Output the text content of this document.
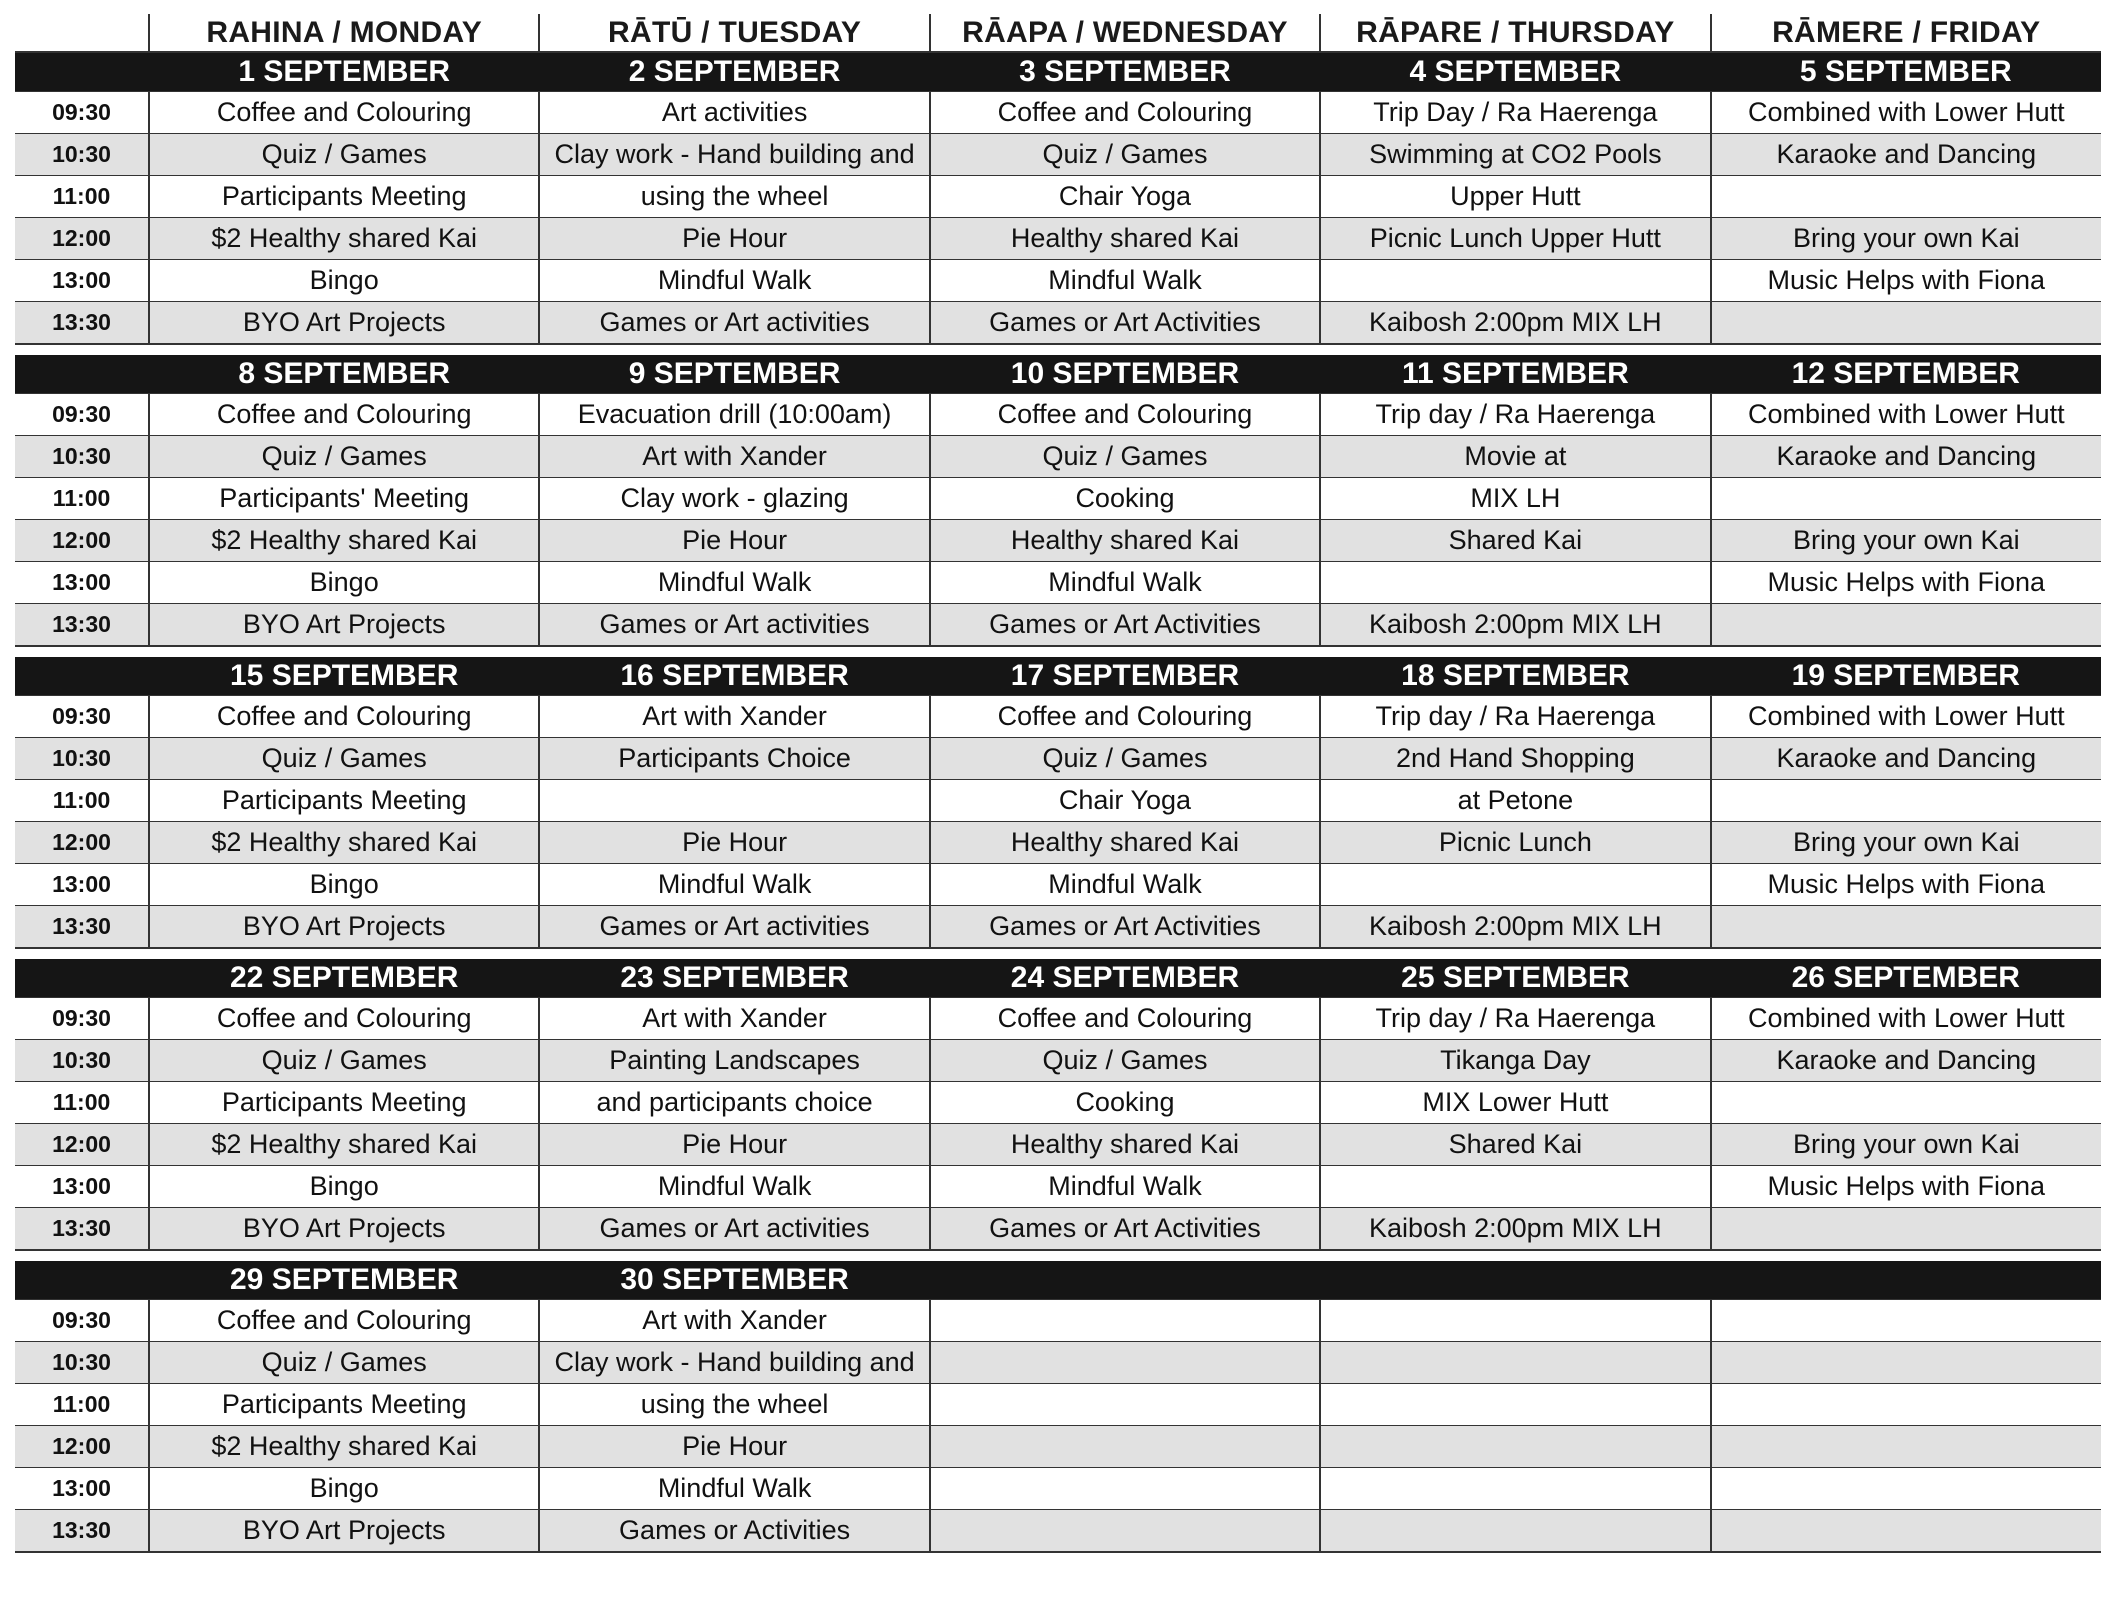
	RAHINA / MONDAY	RĀTŪ / TUESDAY	RĀAPA / WEDNESDAY	RĀPARE / THURSDAY	RĀMERE / FRIDAY
	1 SEPTEMBER	2 SEPTEMBER	3 SEPTEMBER	4 SEPTEMBER	5 SEPTEMBER
09:30	Coffee and Colouring	Art activities	Coffee and Colouring	Trip Day / Ra Haerenga	Combined with Lower Hutt
10:30	Quiz / Games	Clay work - Hand building and	Quiz / Games	Swimming at CO2 Pools	Karaoke and Dancing
11:00	Participants Meeting	using the wheel	Chair Yoga	Upper Hutt	
12:00	$2 Healthy shared Kai	Pie Hour	Healthy shared Kai	Picnic Lunch Upper Hutt	Bring your own Kai
13:00	Bingo	Mindful Walk	Mindful Walk		Music Helps with Fiona
13:30	BYO Art Projects	Games or Art activities	Games or Art Activities	Kaibosh 2:00pm MIX LH	

	8 SEPTEMBER	9 SEPTEMBER	10 SEPTEMBER	11 SEPTEMBER	12 SEPTEMBER
09:30	Coffee and Colouring	Evacuation drill (10:00am)	Coffee and Colouring	Trip day / Ra Haerenga	Combined with Lower Hutt
10:30	Quiz / Games	Art with Xander	Quiz / Games	Movie at	Karaoke and Dancing
11:00	Participants' Meeting	Clay work - glazing	Cooking	MIX LH	
12:00	$2 Healthy shared Kai	Pie Hour	Healthy shared Kai	Shared Kai	Bring your own Kai
13:00	Bingo	Mindful Walk	Mindful Walk		Music Helps with Fiona
13:30	BYO Art Projects	Games or Art activities	Games or Art Activities	Kaibosh 2:00pm MIX LH	

	15 SEPTEMBER	16 SEPTEMBER	17 SEPTEMBER	18 SEPTEMBER	19 SEPTEMBER
09:30	Coffee and Colouring	Art with Xander	Coffee and Colouring	Trip day / Ra Haerenga	Combined with Lower Hutt
10:30	Quiz / Games	Participants Choice	Quiz / Games	2nd Hand Shopping	Karaoke and Dancing
11:00	Participants Meeting		Chair Yoga	at Petone	
12:00	$2 Healthy shared Kai	Pie Hour	Healthy shared Kai	Picnic Lunch	Bring your own Kai
13:00	Bingo	Mindful Walk	Mindful Walk		Music Helps with Fiona
13:30	BYO Art Projects	Games or Art activities	Games or Art Activities	Kaibosh 2:00pm MIX LH	

	22 SEPTEMBER	23 SEPTEMBER	24 SEPTEMBER	25 SEPTEMBER	26 SEPTEMBER
09:30	Coffee and Colouring	Art with Xander	Coffee and Colouring	Trip day / Ra Haerenga	Combined with Lower Hutt
10:30	Quiz / Games	Painting Landscapes	Quiz / Games	Tikanga Day	Karaoke and Dancing
11:00	Participants Meeting	and participants choice	Cooking	MIX Lower Hutt	
12:00	$2 Healthy shared Kai	Pie Hour	Healthy shared Kai	Shared Kai	Bring your own Kai
13:00	Bingo	Mindful Walk	Mindful Walk		Music Helps with Fiona
13:30	BYO Art Projects	Games or Art activities	Games or Art Activities	Kaibosh 2:00pm MIX LH	

	29 SEPTEMBER	30 SEPTEMBER			
09:30	Coffee and Colouring	Art with Xander			
10:30	Quiz / Games	Clay work - Hand building and			
11:00	Participants Meeting	using the wheel			
12:00	$2 Healthy shared Kai	Pie Hour			
13:00	Bingo	Mindful Walk			
13:30	BYO Art Projects	Games or Activities			
